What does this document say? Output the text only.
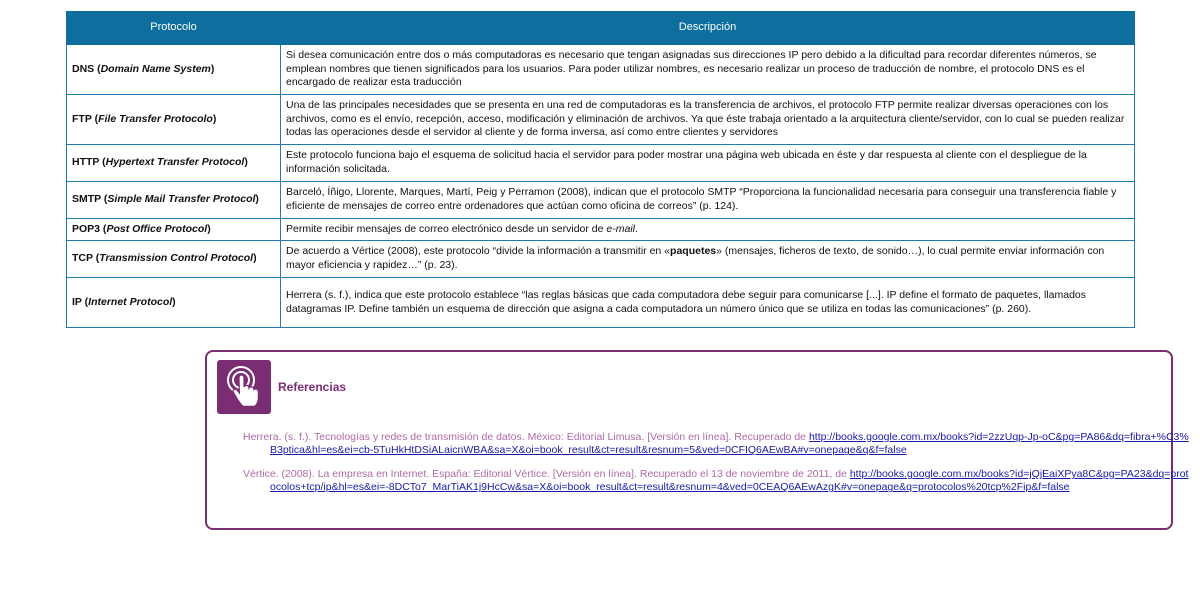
Protocolo	Descripción
DNS (Domain Name System)	Si desea comunicación entre dos o más computadoras es necesario que tengan asignadas sus direcciones IP pero debido a la dificultad para recordar diferentes números, se emplean nombres que tienen significados para los usuarios. Para poder utilizar nombres, es necesario realizar un proceso de traducción de nombre, el protocolo DNS es el encargado de realizar esta traducción
FTP (File Transfer Protocolo)	Una de las principales necesidades que se presenta en una red de computadoras es la transferencia de archivos, el protocolo FTP permite realizar diversas operaciones con los archivos, como es el envío, recepción, acceso, modificación y eliminación de archivos. Ya que éste trabaja orientado a la arquitectura cliente/servidor, con lo cual se pueden realizar todas las operaciones desde el servidor al cliente y de forma inversa, así como entre clientes y servidores
HTTP (Hypertext Transfer Protocol)	Este protocolo funciona bajo el esquema de solicitud hacia el servidor para poder mostrar una página web ubicada en éste y dar respuesta al cliente con el despliegue de la información solicitada.
SMTP (Simple Mail Transfer Protocol)	Barceló, Íñigo, Llorente, Marques, Martí, Peig y Perramon (2008), indican que el protocolo SMTP “Proporciona la funcionalidad necesaria para conseguir una transferencia fiable y eficiente de mensajes de correo entre ordenadores que actúan como oficina de correos” (p. 124).
POP3 (Post Office Protocol)	Permite recibir mensajes de correo electrónico desde un servidor de e-mail.
TCP (Transmission Control Protocol)	De acuerdo a Vértice (2008), este protocolo “divide la información a transmitir en «paquetes» (mensajes, ficheros de texto, de sonido…), lo cual permite enviar información con mayor eficiencia y rapidez…” (p. 23).
IP (Internet Protocol)	Herrera (s. f.), indica que este protocolo establece “las reglas básicas que cada computadora debe seguir para comunicarse [...]. IP define el formato de paquetes, llamados datagramas IP. Define también un esquema de dirección que asigna a cada computadora un número único que se utiliza en todas las comunicaciones” (p. 260).
Referencias
Herrera. (s. f.). Tecnologías y redes de transmisión de datos. México: Editorial Limusa. [Versión en línea]. Recuperado de http://books.google.com.mx/books?id=2zzUqp-Jp-oC&pg=PA86&dq=fibra+%C3%B3ptica&hl=es&ei=cb-5TuHkHtDSiALaicnWBA&sa=X&oi=book_result&ct=result&resnum=5&ved=0CFIQ6AEwBA#v=onepage&q&f=false
Vértice. (2008). La empresa en Internet. España: Editorial Vértice. [Versión en línea]. Recuperado el 13 de noviembre de 2011, de http://books.google.com.mx/books?id=jQjEaiXPya8C&pg=PA23&dq=protocolos+tcp/ip&hl=es&ei=-8DCTo7_MarTiAK1j9HcCw&sa=X&oi=book_result&ct=result&resnum=4&ved=0CEAQ6AEwAzgK#v=onepage&q=protocolos%20tcp%2Fip&f=false
